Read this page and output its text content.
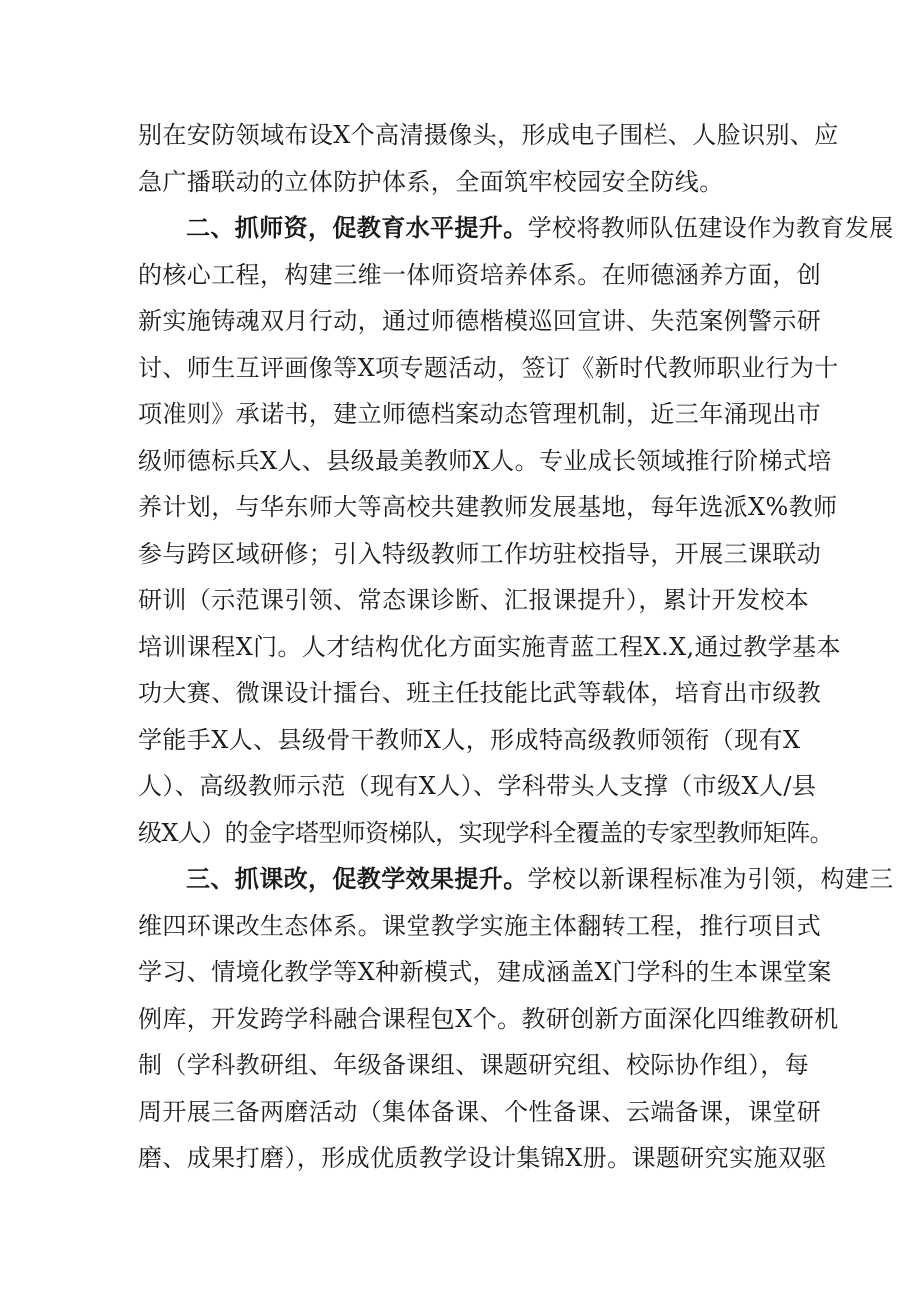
别在安防领域布设X个高清摄像头，形成电子围栏、人脸识别、应
急广播联动的立体防护体系，全面筑牢校园安全防线。
二、抓师资，促教育水平提升。学校将教师队伍建设作为教育发展
的核心工程，构建三维一体师资培养体系。在师德涵养方面，创
新实施铸魂双月行动，通过师德楷模巡回宣讲、失范案例警示研
讨、师生互评画像等X项专题活动，签订《新时代教师职业行为十
项准则》承诺书，建立师德档案动态管理机制，近三年涌现出市
级师德标兵X人、县级最美教师X人。专业成长领域推行阶梯式培
养计划，与华东师大等高校共建教师发展基地，每年选派X%教师
参与跨区域研修；引入特级教师工作坊驻校指导，开展三课联动
研训（示范课引领、常态课诊断、汇报课提升），累计开发校本
培训课程X门。人才结构优化方面实施青蓝工程X.X,通过教学基本
功大赛、微课设计擂台、班主任技能比武等载体，培育出市级教
学能手X人、县级骨干教师X人，形成特高级教师领衔（现有X
人）、高级教师示范（现有X人）、学科带头人支撑（市级X人/县
级X人）的金字塔型师资梯队，实现学科全覆盖的专家型教师矩阵。
三、抓课改，促教学效果提升。学校以新课程标准为引领，构建三
维四环课改生态体系。课堂教学实施主体翻转工程，推行项目式
学习、情境化教学等X种新模式，建成涵盖X门学科的生本课堂案
例库，开发跨学科融合课程包X个。教研创新方面深化四维教研机
制（学科教研组、年级备课组、课题研究组、校际协作组），每
周开展三备两磨活动（集体备课、个性备课、云端备课，课堂研
磨、成果打磨），形成优质教学设计集锦X册。课题研究实施双驱
